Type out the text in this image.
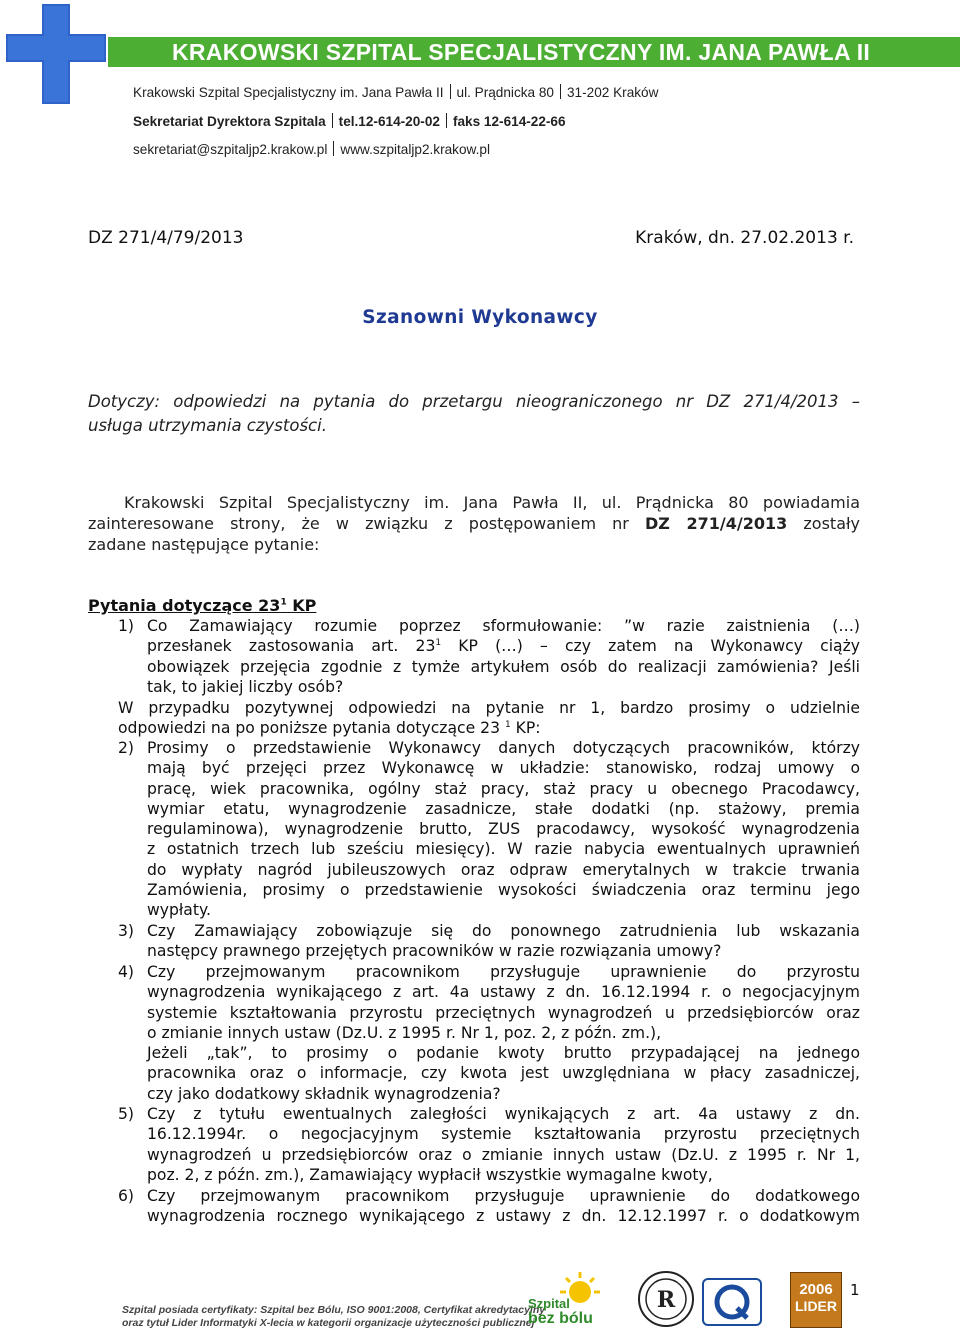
KRAKOWSKI SZPITAL SPECJALISTYCZNY IM. JANA PAWŁA II
Krakowski Szpital Specjalistyczny im. Jana Pawła II ul. Prądnicka 80 31-202 Kraków
Sekretariat Dyrektora Szpitala tel.12-614-20-02 faks 12-614-22-66
sekretariat@szpitaljp2.krakow.pl www.szpitaljp2.krakow.pl
DZ 271/4/79/2013	Kraków, dn. 27.02.2013 r.
Szanowni Wykonawcy
Dotyczy: odpowiedzi na pytania do przetargu nieograniczonego nr DZ 271/4/2013 –
usługa utrzymania czystości.
Krakowski Szpital Specjalistyczny im. Jana Pawła II, ul. Prądnicka 80 powiadamia
zainteresowane strony, że w związku z postępowaniem nr DZ 271/4/2013 zostały
zadane następujące pytanie:
Pytania dotyczące $23^1$ KP
1) Co Zamawiający rozumie poprzez sformułowanie: ”w razie zaistnienia (…)
przesłanek zastosowania art. $23^1$ KP (…) – czy zatem na Wykonawcy ciąży
obowiązek przejęcia zgodnie z tymże artykułem osób do realizacji zamówienia? Jeśli
tak, to jakiej liczby osób?
W przypadku pozytywnej odpowiedzi na pytanie nr 1, bardzo prosimy o udzielnie
odpowiedzi na po poniższe pytania dotyczące 23 $^1$ KP:
2) Prosimy o przedstawienie Wykonawcy danych dotyczących pracowników, którzy
mają być przejęci przez Wykonawcę w układzie: stanowisko, rodzaj umowy o
pracę, wiek pracownika, ogólny staż pracy, staż pracy u obecnego Pracodawcy,
wymiar etatu, wynagrodzenie zasadnicze, stałe dodatki (np. stażowy, premia
regulaminowa), wynagrodzenie brutto, ZUS pracodawcy, wysokość wynagrodzenia
z ostatnich trzech lub sześciu miesięcy). W razie nabycia ewentualnych uprawnień
do wypłaty nagród jubileuszowych oraz odpraw emerytalnych w trakcie trwania
Zamówienia, prosimy o przedstawienie wysokości świadczenia oraz terminu jego
wypłaty.
3) Czy Zamawiający zobowiązuje się do ponownego zatrudnienia lub wskazania
następcy prawnego przejętych pracowników w razie rozwiązania umowy?
4) Czy przejmowanym pracownikom przysługuje uprawnienie do przyrostu
wynagrodzenia wynikającego z art. 4a ustawy z dn. 16.12.1994 r. o negocjacyjnym
systemie kształtowania przyrostu przeciętnych wynagrodzeń u przedsiębiorców oraz
o zmianie innych ustaw (Dz.U. z 1995 r. Nr 1, poz. 2, z późn. zm.),
Jeżeli „tak”, to prosimy o podanie kwoty brutto przypadającej na jednego
pracownika oraz o informacje, czy kwota jest uwzględniana w płacy zasadniczej,
czy jako dodatkowy składnik wynagrodzenia?
5) Czy z tytułu ewentualnych zaległości wynikających z art. 4a ustawy z dn.
16.12.1994r. o negocjacyjnym systemie kształtowania przyrostu przeciętnych
wynagrodzeń u przedsiębiorców oraz o zmianie innych ustaw (Dz.U. z 1995 r. Nr 1,
poz. 2, z późn. zm.), Zamawiający wypłacił wszystkie wymagalne kwoty,
6) Czy przejmowanym pracownikom przysługuje uprawnienie do dodatkowego
wynagrodzenia rocznego wynikającego z ustawy z dn. 12.12.1997 r. o dodatkowym
Szpital posiada certyfikaty: Szpital bez Bólu, ISO 9001:2008, Certyfikat akredytacyjny
oraz tytuł Lider Informatyki X-lecia w kategorii organizacje użyteczności publicznej
Szpital
bez bólu
R	2006
LIDER
1
